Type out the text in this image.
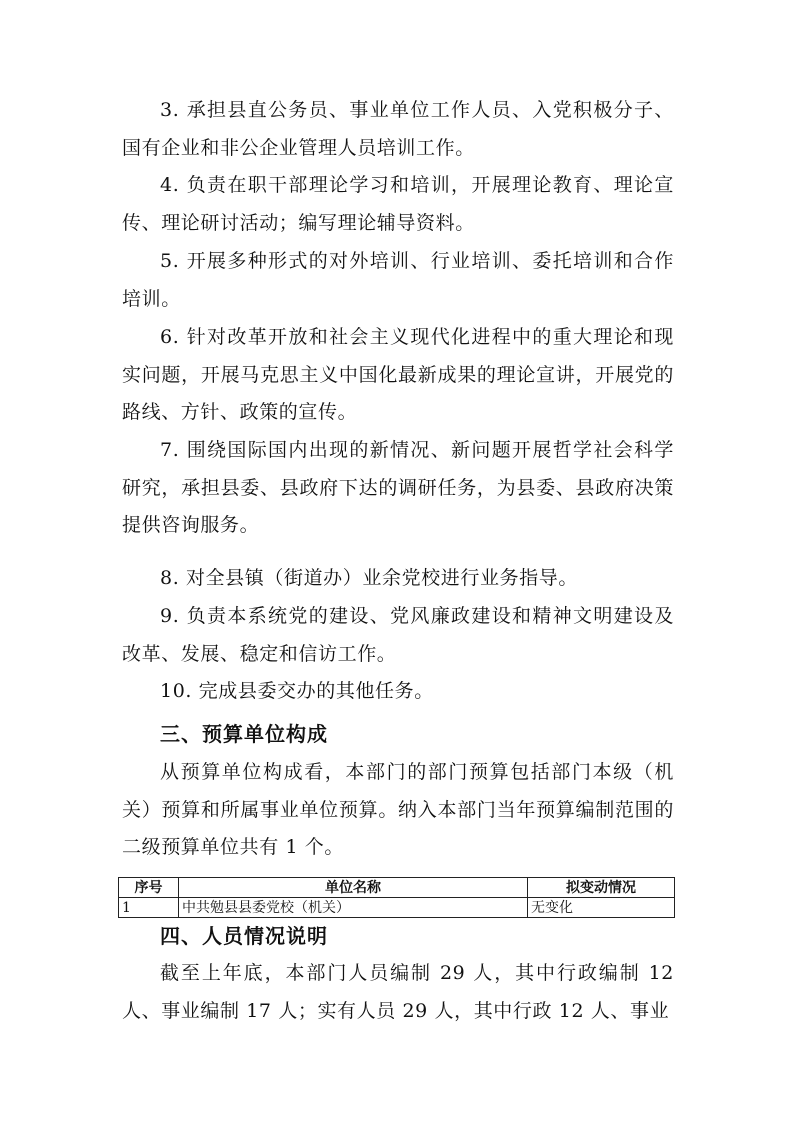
3. 承担县直公务员、事业单位工作人员、入党积极分子、国有企业和非公企业管理人员培训工作。

4. 负责在职干部理论学习和培训，开展理论教育、理论宣传、理论研讨活动；编写理论辅导资料。

5. 开展多种形式的对外培训、行业培训、委托培训和合作培训。

6. 针对改革开放和社会主义现代化进程中的重大理论和现实问题，开展马克思主义中国化最新成果的理论宣讲，开展党的路线、方针、政策的宣传。

7. 围绕国际国内出现的新情况、新问题开展哲学社会科学研究，承担县委、县政府下达的调研任务，为县委、县政府决策提供咨询服务。

8. 对全县镇（街道办）业余党校进行业务指导。

9. 负责本系统党的建设、党风廉政建设和精神文明建设及改革、发展、稳定和信访工作。

10. 完成县委交办的其他任务。

三、预算单位构成

从预算单位构成看，本部门的部门预算包括部门本级（机关）预算和所属事业单位预算。纳入本部门当年预算编制范围的二级预算单位共有 1 个。

序号	单位名称	拟变动情况
1	中共勉县县委党校（机关）	无变化
四、人员情况说明

截至上年底，本部门人员编制 29 人，其中行政编制 12 人、事业编制 17 人；实有人员 29 人，其中行政 12 人、事业
